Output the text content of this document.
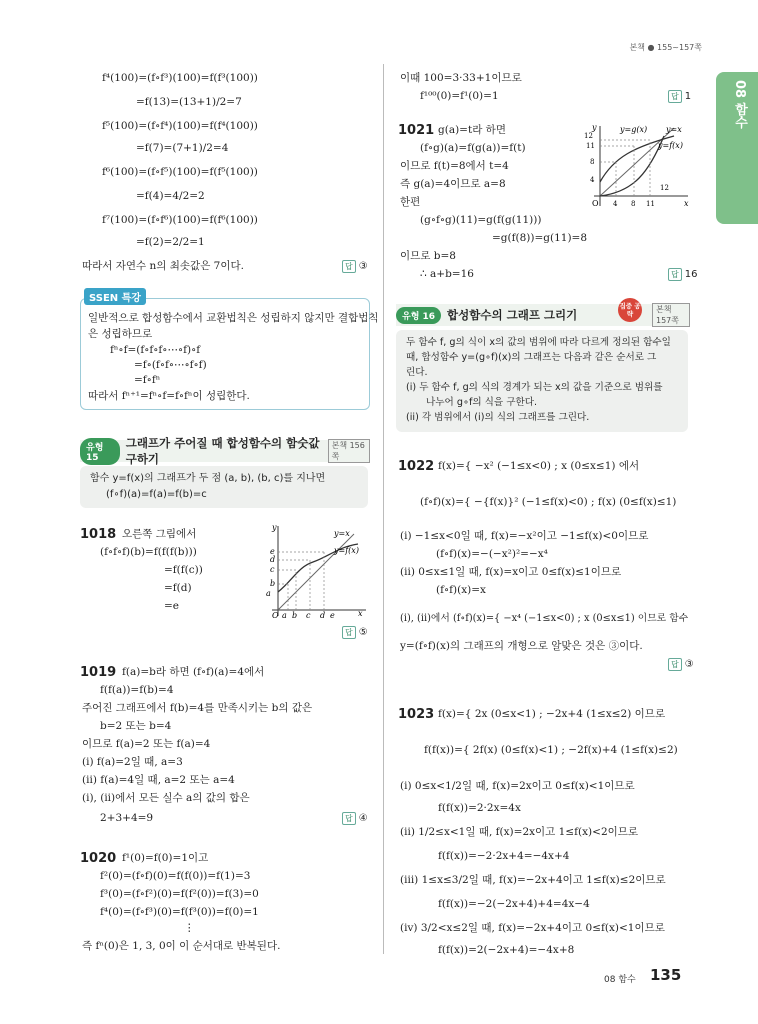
본책 ● 155~157쪽
08 함수
f⁴(100)=(f∘f³)(100)=f(f³(100))
=f(13)=(13+1)/2=7
f⁵(100)=(f∘f⁴)(100)=f(f⁴(100))
=f(7)=(7+1)/2=4
f⁶(100)=(f∘f⁵)(100)=f(f⁵(100))
=f(4)=4/2=2
f⁷(100)=(f∘f⁶)(100)=f(f⁶(100))
=f(2)=2/2=1
따라서 자연수 n의 최솟값은 7이다.	답 ③
SSEN 특강
일반적으로 합성함수에서 교환법칙은 성립하지 않지만 결합법칙
은 성립하므로
fⁿ∘f=(f∘f∘f∘⋯∘f)∘f
=f∘(f∘f∘⋯∘f∘f)
=f∘fⁿ
따라서 fⁿ⁺¹=fⁿ∘f=f∘fⁿ이 성립한다.
유형 15
그래프가 주어질 때 합성함수의 함숫값 구하기
본책 156쪽
함수 y=f(x)의 그래프가 두 점 (a, b), (b, c)를 지나면
(f∘f)(a)=f(a)=f(b)=c
1018 오른쪽 그림에서
(f∘f∘f)(b)=f(f(f(b)))
=f(f(c))
=f(d)
=e
y=x
y=f(x)
e
d
c
b
a
O a b c d e	x
y
답 ⑤
1019 f(a)=b라 하면 (f∘f)(a)=4에서
f(f(a))=f(b)=4
주어진 그래프에서 f(b)=4를 만족시키는 b의 값은
b=2 또는 b=4
이므로 f(a)=2 또는 f(a)=4
(i) f(a)=2일 때, a=3
(ii) f(a)=4일 때, a=2 또는 a=4
(i), (ii)에서 모든 실수 a의 값의 합은
2+3+4=9	답 ④
1020 f¹(0)=f(0)=1이고
f²(0)=(f∘f)(0)=f(f(0))=f(1)=3
f³(0)=(f∘f²)(0)=f(f²(0))=f(3)=0
f⁴(0)=(f∘f³)(0)=f(f³(0))=f(0)=1
⋮
즉 fⁿ(0)은 1, 3, 0이 이 순서대로 반복된다.
이때 100=3·33+1이므로
f¹⁰⁰(0)=f¹(0)=1	답 1
1021 g(a)=t라 하면
(f∘g)(a)=f(g(a))=f(t)
이므로 f(t)=8에서 t=4
즉 g(a)=4이므로 a=8
한편
(g∘f∘g)(11)=g(f(g(11)))
=g(f(8))=g(11)=8
이므로 b=8
∴ a+b=16	답 16
y	y=g(x) y=x
y=f(x)
12
11
8
4
O 4 8 11
12
x
유형 16	합성함수의 그래프 그리기
집중 공략	본책 157쪽
두 함수 f, g의 식이 x의 값의 범위에 따라 다르게 정의된 함수일
때, 합성함수 y=(g∘f)(x)의 그래프는 다음과 같은 순서로 그
린다.
(i) 두 함수 f, g의 식의 경계가 되는 x의 값을 기준으로 범위를
나누어 g∘f의 식을 구한다.
(ii) 각 범위에서 (i)의 식의 그래프를 그린다.
1022 f(x)={ −x² (−1≤x<0) ; x (0≤x≤1) 에서
(f∘f)(x)={ −{f(x)}² (−1≤f(x)<0) ; f(x) (0≤f(x)≤1)
(i) −1≤x<0일 때, f(x)=−x²이고 −1≤f(x)<0이므로
(f∘f)(x)=−(−x²)²=−x⁴
(ii) 0≤x≤1일 때, f(x)=x이고 0≤f(x)≤1이므로
(f∘f)(x)=x
(i), (ii)에서 (f∘f)(x)={ −x⁴ (−1≤x<0) ; x (0≤x≤1) 이므로 함수
y=(f∘f)(x)의 그래프의 개형으로 알맞은 것은 ③이다.
답 ③
1023 f(x)={ 2x (0≤x<1) ; −2x+4 (1≤x≤2) 이므로
f(f(x))={ 2f(x) (0≤f(x)<1) ; −2f(x)+4 (1≤f(x)≤2)
(i) 0≤x<1/2일 때, f(x)=2x이고 0≤f(x)<1이므로
f(f(x))=2·2x=4x
(ii) 1/2≤x<1일 때, f(x)=2x이고 1≤f(x)<2이므로
f(f(x))=−2·2x+4=−4x+4
(iii) 1≤x≤3/2일 때, f(x)=−2x+4이고 1≤f(x)≤2이므로
f(f(x))=−2(−2x+4)+4=4x−4
(iv) 3/2<x≤2일 때, f(x)=−2x+4이고 0≤f(x)<1이므로
f(f(x))=2(−2x+4)=−4x+8
08 함수 135
